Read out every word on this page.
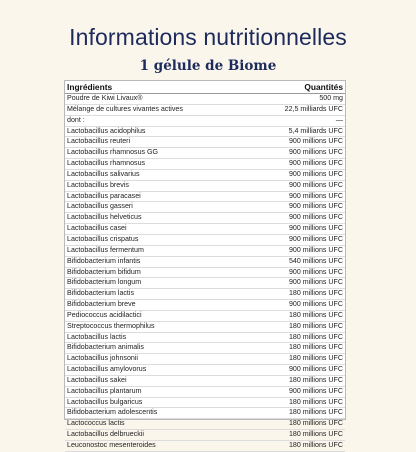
Informations nutritionnelles
1 gélule de Biome
Ingrédients	Quantités
Poudre de Kiwi Livaux®	500 mg
Mélange de cultures vivantes actives	22,5 milliards UFC
dont :	—
Lactobacillus acidophilus	5,4 milliards UFC
Lactobacillus reuteri	900 millions UFC
Lactobacillus rhamnosus GG	900 millions UFC
Lactobacillus rhamnosus	900 millions UFC
Lactobacillus salivarius	900 millions UFC
Lactobacillus brevis	900 millions UFC
Lactobacillus paracasei	900 millions UFC
Lactobacillus gasseri	900 millions UFC
Lactobacillus helveticus	900 millions UFC
Lactobacillus casei	900 millions UFC
Lactobacillus crispatus	900 millions UFC
Lactobacillus fermentum	900 millions UFC
Bifidobacterium infantis	540 millions UFC
Bifidobacterium bifidum	900 millions UFC
Bifidobacterium longum	900 millions UFC
Bifidobacterium lactis	180 millions UFC
Bifidobacterium breve	900 millions UFC
Pediococcus acidilactici	180 millions UFC
Streptococcus thermophilus	180 millions UFC
Lactobacillus lactis	180 millions UFC
Bifidobacterium animalis	180 millions UFC
Lactobacillus johnsonii	180 millions UFC
Lactobacillus amylovorus	900 millions UFC
Lactobacillus sakei	180 millions UFC
Lactobacillus plantarum	900 millions UFC
Lactobacillus bulgaricus	180 millions UFC
Bifidobacterium adolescentis	180 millions UFC
Lactococcus lactis	180 millions UFC
Lactobacillus delbrueckii	180 millions UFC
Leuconostoc mesenteroides	180 millions UFC
